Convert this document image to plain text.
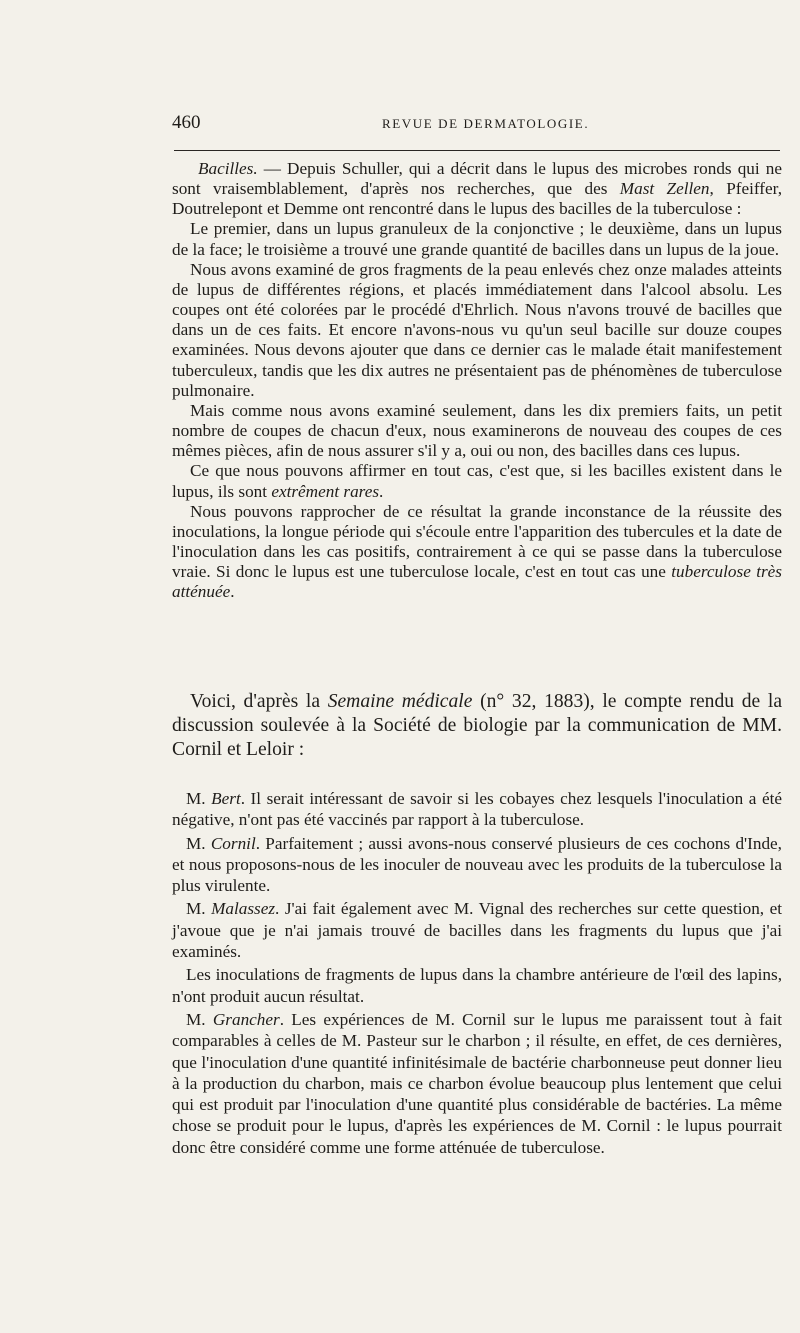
460	REVUE DE DERMATOLOGIE.

Bacilles. — Depuis Schuller, qui a décrit dans le lupus des microbes ronds qui ne sont vraisemblablement, d'après nos recherches, que des Mast Zellen, Pfeiffer, Doutrelepont et Demme ont rencontré dans le lupus des bacilles de la tuberculose :

Le premier, dans un lupus granuleux de la conjonctive ; le deuxième, dans un lupus de la face; le troisième a trouvé une grande quantité de bacilles dans un lupus de la joue.

Nous avons examiné de gros fragments de la peau enlevés chez onze malades atteints de lupus de différentes régions, et placés immédiatement dans l'alcool absolu. Les coupes ont été colorées par le procédé d'Ehrlich. Nous n'avons trouvé de bacilles que dans un de ces faits. Et encore n'avons-nous vu qu'un seul bacille sur douze coupes examinées. Nous devons ajouter que dans ce dernier cas le malade était manifestement tuberculeux, tandis que les dix autres ne présentaient pas de phénomènes de tuberculose pulmonaire.

Mais comme nous avons examiné seulement, dans les dix premiers faits, un petit nombre de coupes de chacun d'eux, nous examinerons de nouveau des coupes de ces mêmes pièces, afin de nous assurer s'il y a, oui ou non, des bacilles dans ces lupus.

Ce que nous pouvons affirmer en tout cas, c'est que, si les bacilles existent dans le lupus, ils sont extrêment rares.

Nous pouvons rapprocher de ce résultat la grande inconstance de la réussite des inoculations, la longue période qui s'écoule entre l'apparition des tubercules et la date de l'inoculation dans les cas positifs, contrairement à ce qui se passe dans la tuberculose vraie. Si donc le lupus est une tuberculose locale, c'est en tout cas une tuberculose très atténuée.

Voici, d'après la Semaine médicale (n° 32, 1883), le compte rendu de la discussion soulevée à la Société de biologie par la communication de MM. Cornil et Leloir :

M. Bert. Il serait intéressant de savoir si les cobayes chez lesquels l'inoculation a été négative, n'ont pas été vaccinés par rapport à la tuberculose.

M. Cornil. Parfaitement ; aussi avons-nous conservé plusieurs de ces cochons d'Inde, et nous proposons-nous de les inoculer de nouveau avec les produits de la tuberculose la plus virulente.

M. Malassez. J'ai fait également avec M. Vignal des recherches sur cette question, et j'avoue que je n'ai jamais trouvé de bacilles dans les fragments du lupus que j'ai examinés.

Les inoculations de fragments de lupus dans la chambre antérieure de l'œil des lapins, n'ont produit aucun résultat.

M. Grancher. Les expériences de M. Cornil sur le lupus me paraissent tout à fait comparables à celles de M. Pasteur sur le charbon ; il résulte, en effet, de ces dernières, que l'inoculation d'une quantité infinitésimale de bactérie charbonneuse peut donner lieu à la production du charbon, mais ce charbon évolue beaucoup plus lentement que celui qui est produit par l'inoculation d'une quantité plus considérable de bactéries. La même chose se produit pour le lupus, d'après les expériences de M. Cornil : le lupus pourrait donc être considéré comme une forme atténuée de tuberculose.
